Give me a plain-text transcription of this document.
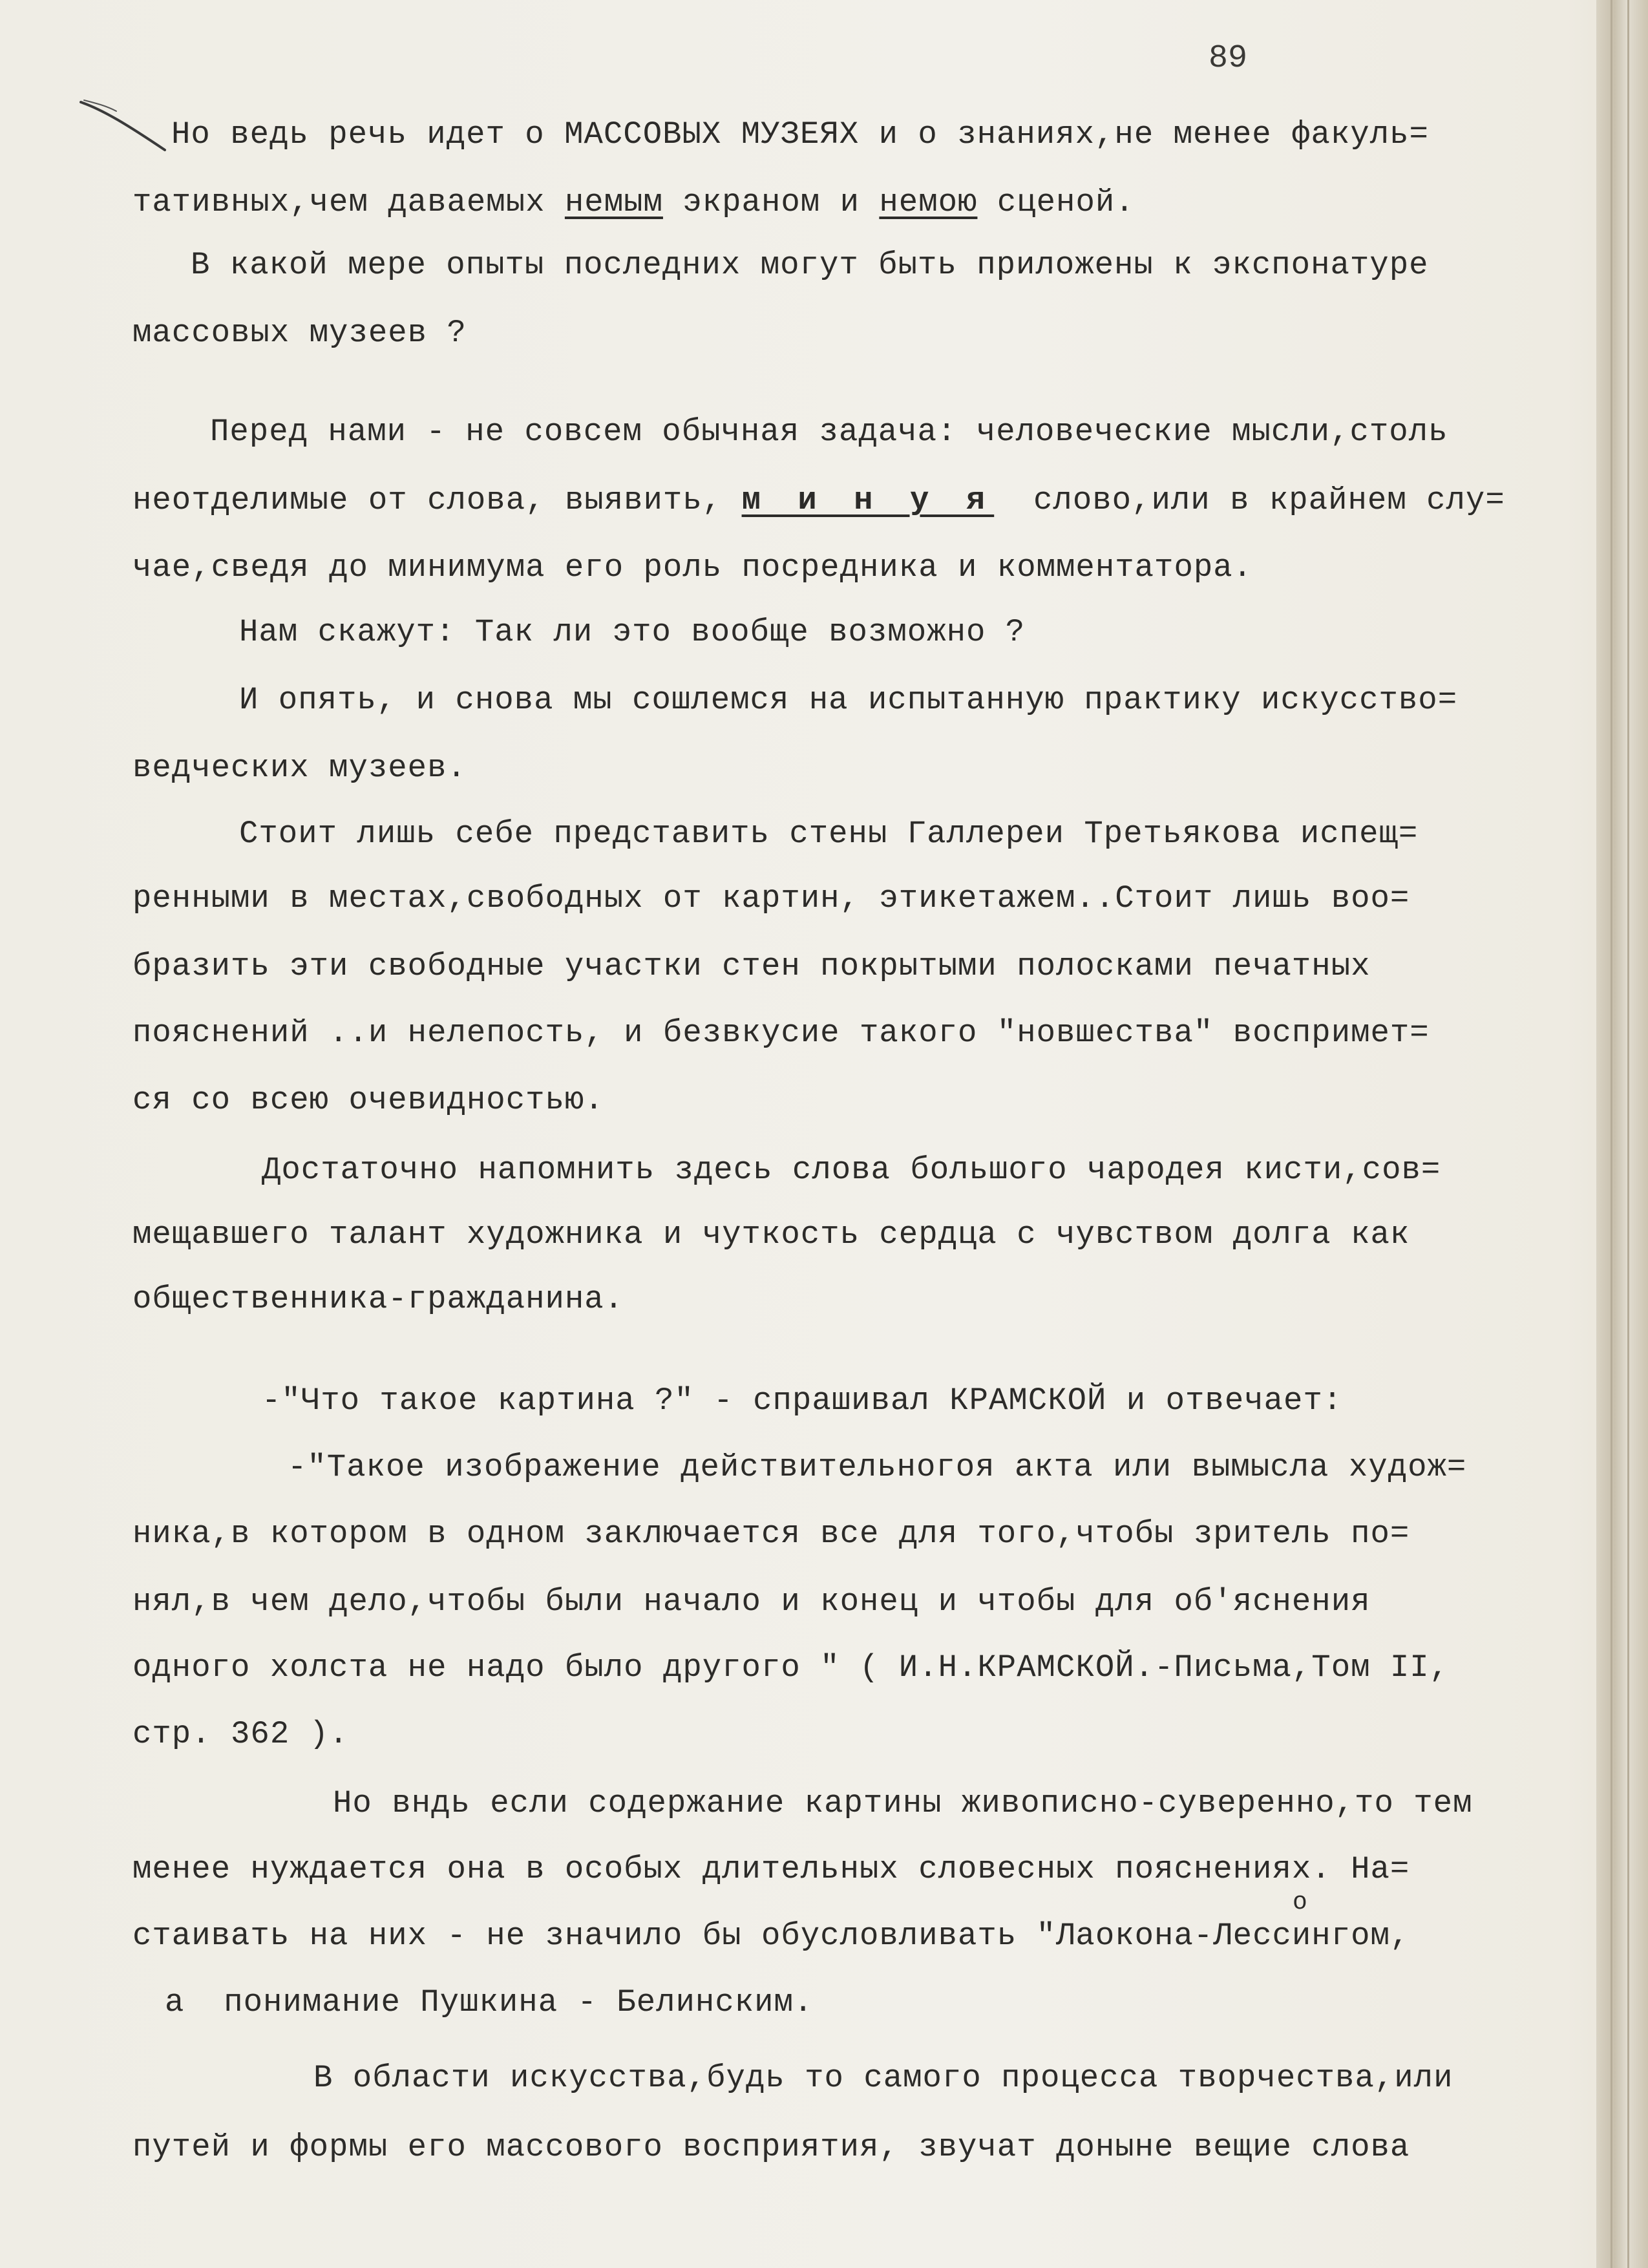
89
Но ведь речь идет о МАССОВЫХ МУЗЕЯХ и о знаниях,не менее факуль=
тативных,чем даваемых немым экраном и немою сценой.
В какой мере опыты последних могут быть приложены к экспонатуре
массовых музеев ?
Перед нами - не совсем обычная задача: человеческие мысли,столь
неотделимые от слова, выявить, м и н у я  слово,или в крайнем слу=
чае,сведя до минимума его роль посредника и комментатора.
Нам скажут: Так ли это вообще возможно ?
И опять, и снова мы сошлемся на испытанную практику искусство=
ведческих музеев.
Стоит лишь себе представить стены Галлереи Третьякова испещ=
ренными в местах,свободных от картин, этикетажем..Стоит лишь воо=
бразить эти свободные участки стен покрытыми полосками печатных
пояснений ..и нелепость, и безвкусие такого "новшества" воспримет=
ся со всею очевидностью.
Достаточно напомнить здесь слова большого чародея кисти,сов=
мещавшего талант художника и чуткость сердца с чувством долга как
общественника-гражданина.
-"Что такое картина ?" - спрашивал КРАМСКОЙ и отвечает:
-"Такое изображение действительногоя акта или вымысла худож=
ника,в котором в одном заключается все для того,чтобы зритель по=
нял,в чем дело,чтобы были начало и конец и чтобы для об'яснения
одного холста не надо было другого " ( И.Н.КРАМСКОЙ.-Письма,Том II,
стр. 362 ).
Но вндь если содержание картины живописно-суверенно,то тем
менее нуждается она в особых длительных словесных пояснениях. На=
о
стаивать на них - не значило бы обусловливать "Лаокона-Лессингом,
а  понимание Пушкина - Белинским.
В области искусства,будь то самого процесса творчества,или
путей и формы его массового восприятия, звучат доныне вещие слова
